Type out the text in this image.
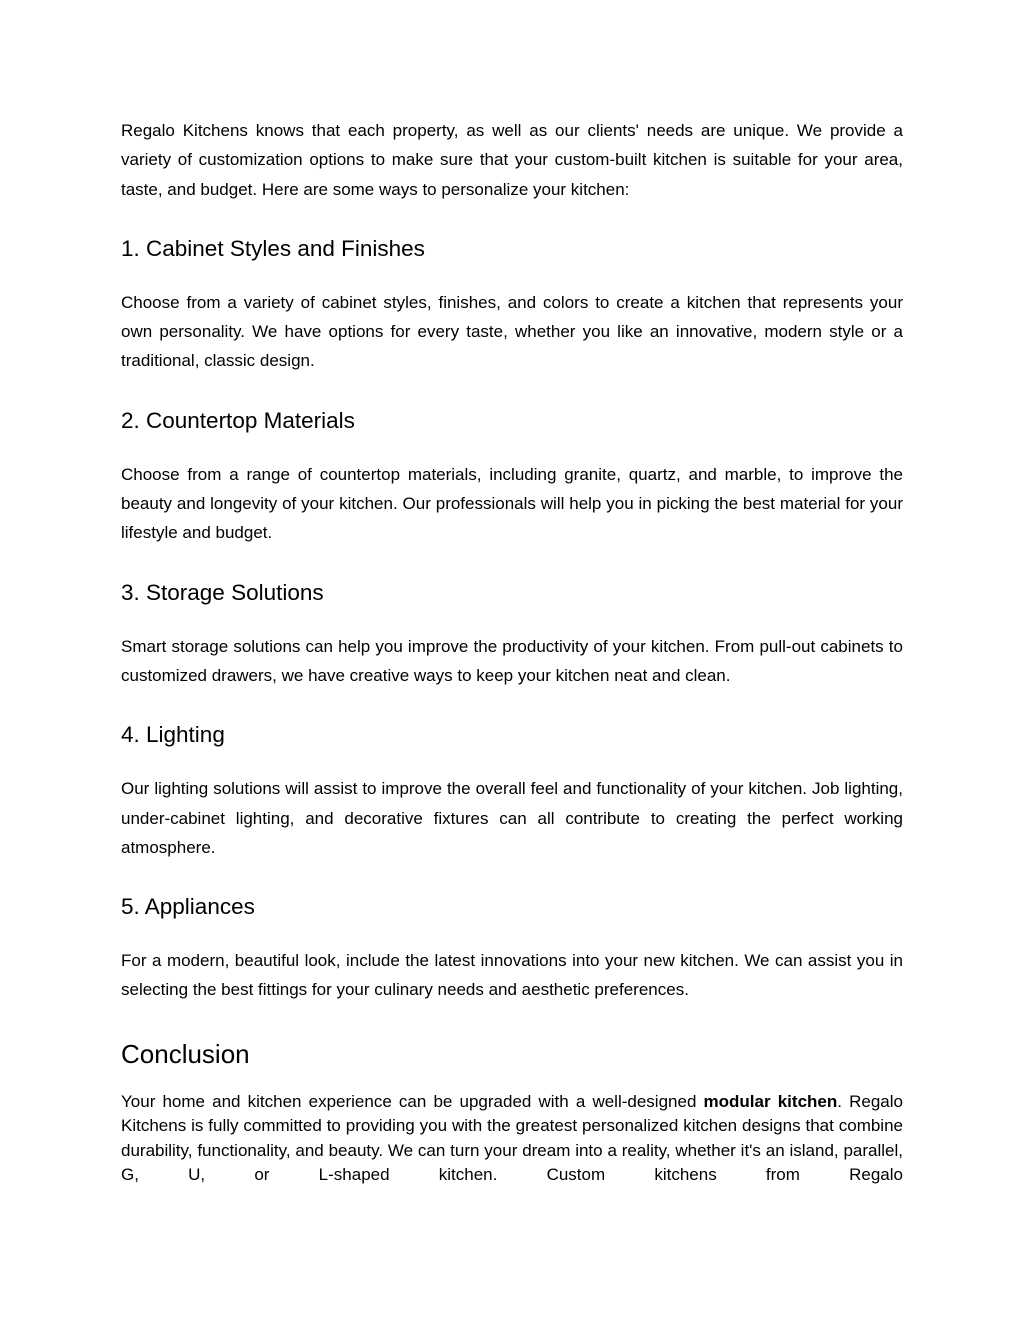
Regalo Kitchens knows that each property, as well as our clients' needs are unique. We provide a variety of customization options to make sure that your custom-built kitchen is suitable for your area, taste, and budget. Here are some ways to personalize your kitchen:

1. Cabinet Styles and Finishes

Choose from a variety of cabinet styles, finishes, and colors to create a kitchen that represents your own personality. We have options for every taste, whether you like an innovative, modern style or a traditional, classic design.

2. Countertop Materials

Choose from a range of countertop materials, including granite, quartz, and marble, to improve the beauty and longevity of your kitchen. Our professionals will help you in picking the best material for your lifestyle and budget.

3. Storage Solutions

Smart storage solutions can help you improve the productivity of your kitchen. From pull-out cabinets to customized drawers, we have creative ways to keep your kitchen neat and clean.

4. Lighting

Our lighting solutions will assist to improve the overall feel and functionality of your kitchen. Job lighting, under-cabinet lighting, and decorative fixtures can all contribute to creating the perfect working atmosphere.

5. Appliances

For a modern, beautiful look, include the latest innovations into your new kitchen. We can assist you in selecting the best fittings for your culinary needs and aesthetic preferences.

Conclusion

Your home and kitchen experience can be upgraded with a well-designed modular kitchen. Regalo Kitchens is fully committed to providing you with the greatest personalized kitchen designs that combine durability, functionality, and beauty. We can turn your dream into a reality, whether it's an island, parallel, G, U, or L-shaped kitchen. Custom kitchens from Regalo
